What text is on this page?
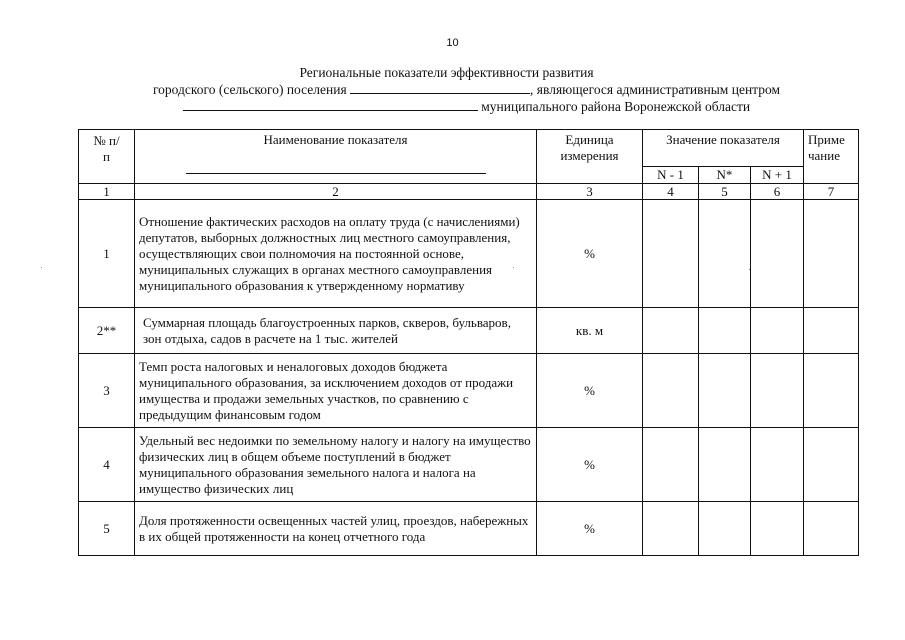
10
Региональные показатели эффективности развития
городского (сельского) поселения	, являющегося административным центром
муниципального района Воронежской области
№ п/п	Наименование показателя	Единица измерения	Значение показателя			Приме чание

			N - 1	N*	N + 1	
1	2	3	4	5	6	7
1	Отношение фактических расходов на оплату труда (с начислениями) депутатов, выборных должностных лиц местного самоуправления, осуществляющих свои полномочия на постоянной основе, муниципальных служащих в органах местного самоуправления муниципального образования к утвержденному нормативу	%				
2**	Суммарная площадь благоустроенных парков, скверов, бульваров, зон отдыха, садов в расчете на 1 тыс. жителей	кв. м				
3	Темп роста налоговых и неналоговых доходов бюджета муниципального образования, за исключением доходов от продажи имущества и продажи земельных участков, по сравнению с предыдущим финансовым годом	%				
4	Удельный вес недоимки по земельному налогу и налогу на имущество физических лиц в общем объеме поступлений в бюджет муниципального образования земельного налога и налога на имущество физических лиц	%				
5	Доля протяженности освещенных частей улиц, проездов, набережных в их общей протяженности на конец отчетного года	%				
·	·	·
